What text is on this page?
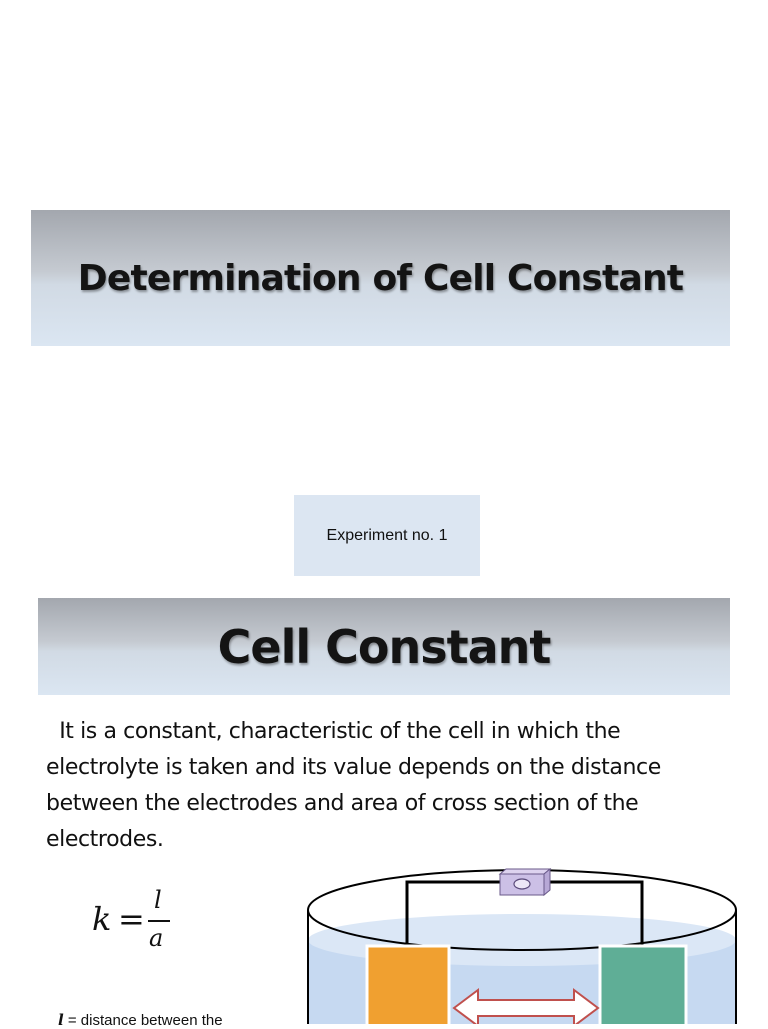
Determination of Cell Constant
Experiment no. 1
Cell Constant
It is a constant, characteristic of the cell in which the electrolyte is taken and its value depends on the distance between the electrodes and area of cross section of the electrodes.
k = l
a
l = distance between the
